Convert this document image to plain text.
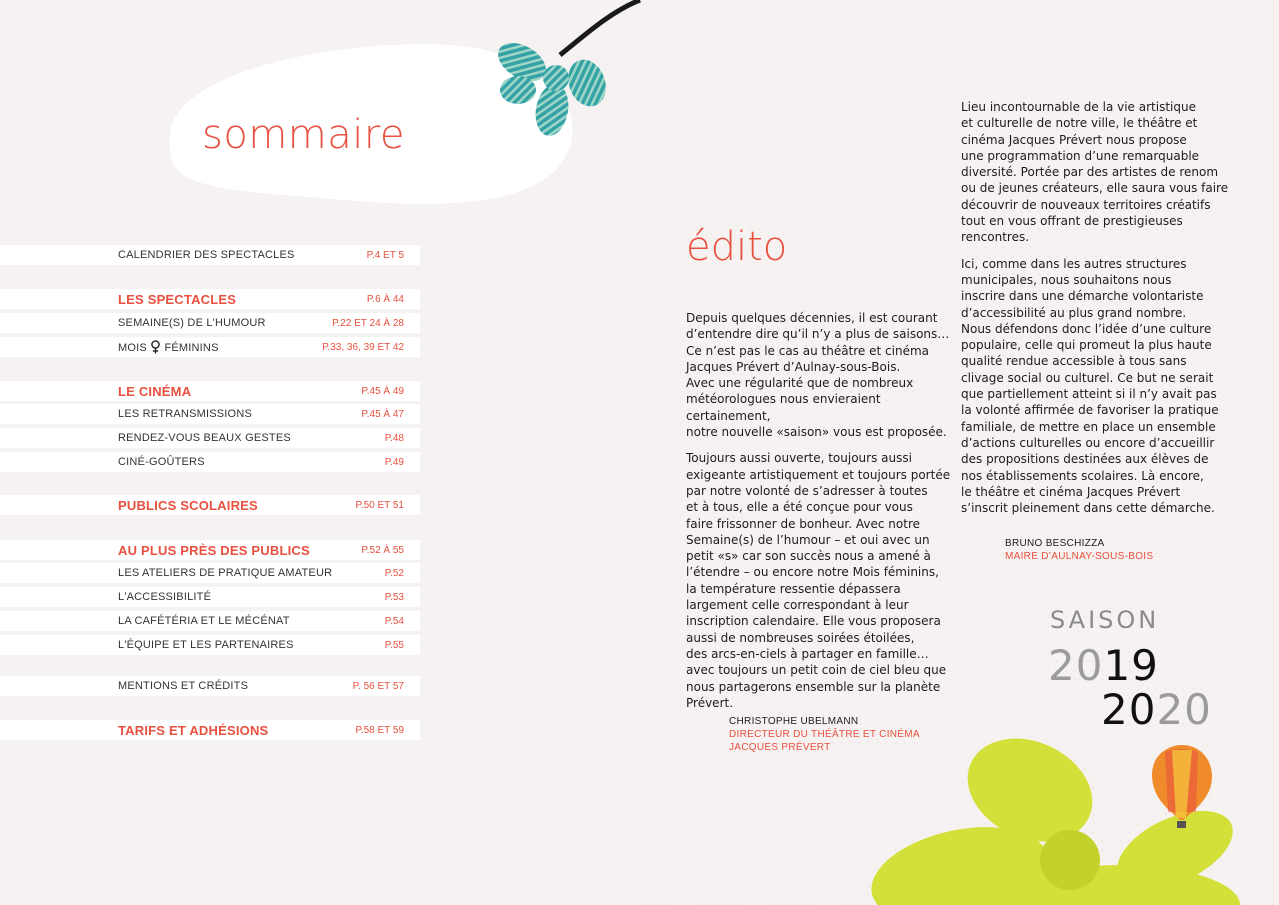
sommaire
CALENDRIER DES SPECTACLES	P.4 ET 5
LES SPECTACLES	P.6 À 44
SEMAINE(S) DE L'HUMOUR	P.22 ET 24 À 28
MOIS FÉMININS	P.33, 36, 39 ET 42
LE CINÉMA	P.45 À 49
LES RETRANSMISSIONS	P.45 À 47
RENDEZ-VOUS BEAUX GESTES	P.48
CINÉ-GOÛTERS	P.49
PUBLICS SCOLAIRES	P.50 ET 51
AU PLUS PRÈS DES PUBLICS	P.52 À 55
LES ATELIERS DE PRATIQUE AMATEUR	P.52
L'ACCESSIBILITÉ	P.53
LA CAFÉTÉRIA ET LE MÉCÉNAT	P.54
L'ÉQUIPE ET LES PARTENAIRES	P.55
MENTIONS ET CRÉDITS	P. 56 ET 57
TARIFS ET ADHÉSIONS	P.58 ET 59
édito

Depuis quelques décennies, il est courant
d’entendre dire qu’il n’y a plus de saisons…
Ce n’est pas le cas au théâtre et cinéma
Jacques Prévert d’Aulnay-sous-Bois.
Avec une régularité que de nombreux
météorologues nous envieraient certainement,
notre nouvelle «saison» vous est proposée.

Toujours aussi ouverte, toujours aussi
exigeante artistiquement et toujours portée
par notre volonté de s’adresser à toutes
et à tous, elle a été conçue pour vous
faire frissonner de bonheur. Avec notre
Semaine(s) de l’humour – et oui avec un
petit «s» car son succès nous a amené à
l’étendre – ou encore notre Mois féminins,
la température ressentie dépassera
largement celle correspondant à leur
inscription calendaire. Elle vous proposera
aussi de nombreuses soirées étoilées,
des arcs-en-ciels à partager en famille…
avec toujours un petit coin de ciel bleu que
nous partagerons ensemble sur la planète
Prévert.

CHRISTOPHE UBELMANN
DIRECTEUR DU THÉÂTRE ET CINÉMA
JACQUES PRÉVERT

Lieu incontournable de la vie artistique
et culturelle de notre ville, le théâtre et
cinéma Jacques Prévert nous propose
une programmation d’une remarquable
diversité. Portée par des artistes de renom
ou de jeunes créateurs, elle saura vous faire
découvrir de nouveaux territoires créatifs
tout en vous offrant de prestigieuses
rencontres.

Ici, comme dans les autres structures
municipales, nous souhaitons nous
inscrire dans une démarche volontariste
d’accessibilité au plus grand nombre.
Nous défendons donc l’idée d’une culture
populaire, celle qui promeut la plus haute
qualité rendue accessible à tous sans
clivage social ou culturel. Ce but ne serait
que partiellement atteint si il n’y avait pas
la volonté affirmée de favoriser la pratique
familiale, de mettre en place un ensemble
d’actions culturelles ou encore d’accueillir
des propositions destinées aux élèves de
nos établissements scolaires. Là encore,
le théâtre et cinéma Jacques Prévert
s’inscrit pleinement dans cette démarche.

BRUNO BESCHIZZA
MAIRE D’AULNAY-SOUS-BOIS
SAISON
2019
2020
